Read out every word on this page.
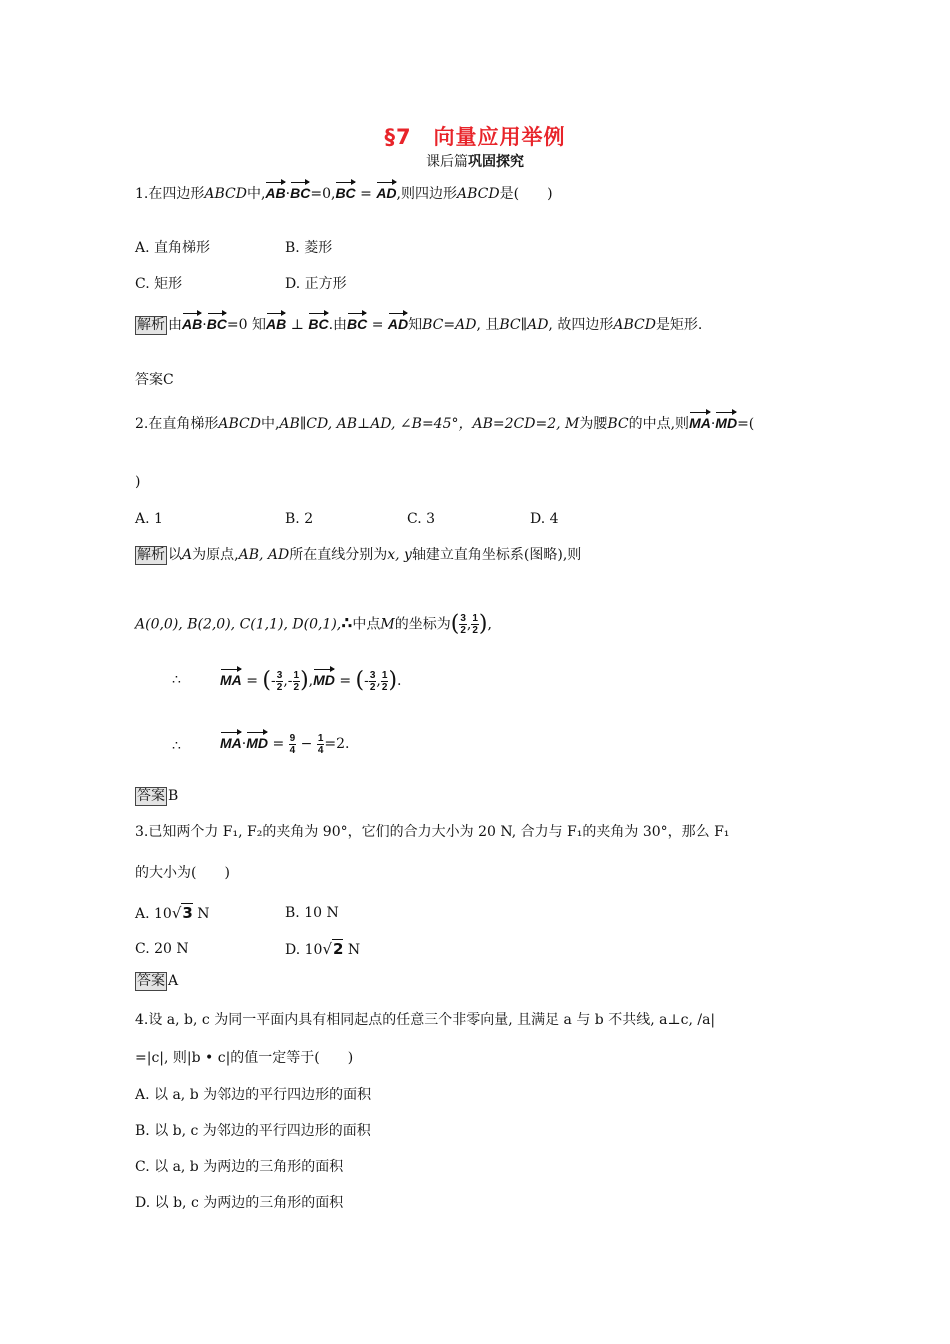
§7　向量应用举例
课后篇巩固探究
1.在四边形ABCD中,AB·BC=0,BC = AD,则四边形ABCD是(　　)
A. 直角梯形	B. 菱形
C. 矩形	D. 正方形
解析 由AB·BC=0 知AB ⊥ BC.由BC = AD知BC=AD, 且BC∥AD, 故四边形ABCD是矩形.
答案C
2.在直角梯形ABCD中,AB∥CD, AB⊥AD, ∠B=45°，AB=2CD=2, M为腰BC的中点,则MA·MD=(
)
A. 1	B. 2	C. 3	D. 4
解析 以A为原点,AB, AD所在直线分别为x, y轴建立直角坐标系(图略),则
A(0,0), B(2,0), C(1,1), D(0,1),∴中点M的坐标为( $\frac{3}{2}$ , $\frac{1}{2}$ ),
∴	MA = (- $\frac{3}{2}$ ,- $\frac{1}{2} ),MD$ = (- $\frac{3}{2}$ , $\frac{1}{2}$ ).
∴	$MA\cdot MD = \frac{9}{4} - \frac{1}{4} =2$.
答案 B
3.已知两个力 F₁, F₂的夹角为 90°，它们的合力大小为 20 N, 合力与 F₁的夹角为 30°，那么 F₁
的大小为(　　)
A. 10√3 N	B. 10 N
C. 20 N	D. 10√2 N
答案 A
4.设 a, b, c 为同一平面内具有相同起点的任意三个非零向量, 且满足 a 与 b 不共线, a⊥c, /a|
=|c|, 则|b • c|的值一定等于(　　)
A. 以 a, b 为邻边的平行四边形的面积
B. 以 b, c 为邻边的平行四边形的面积
C. 以 a, b 为两边的三角形的面积
D. 以 b, c 为两边的三角形的面积
